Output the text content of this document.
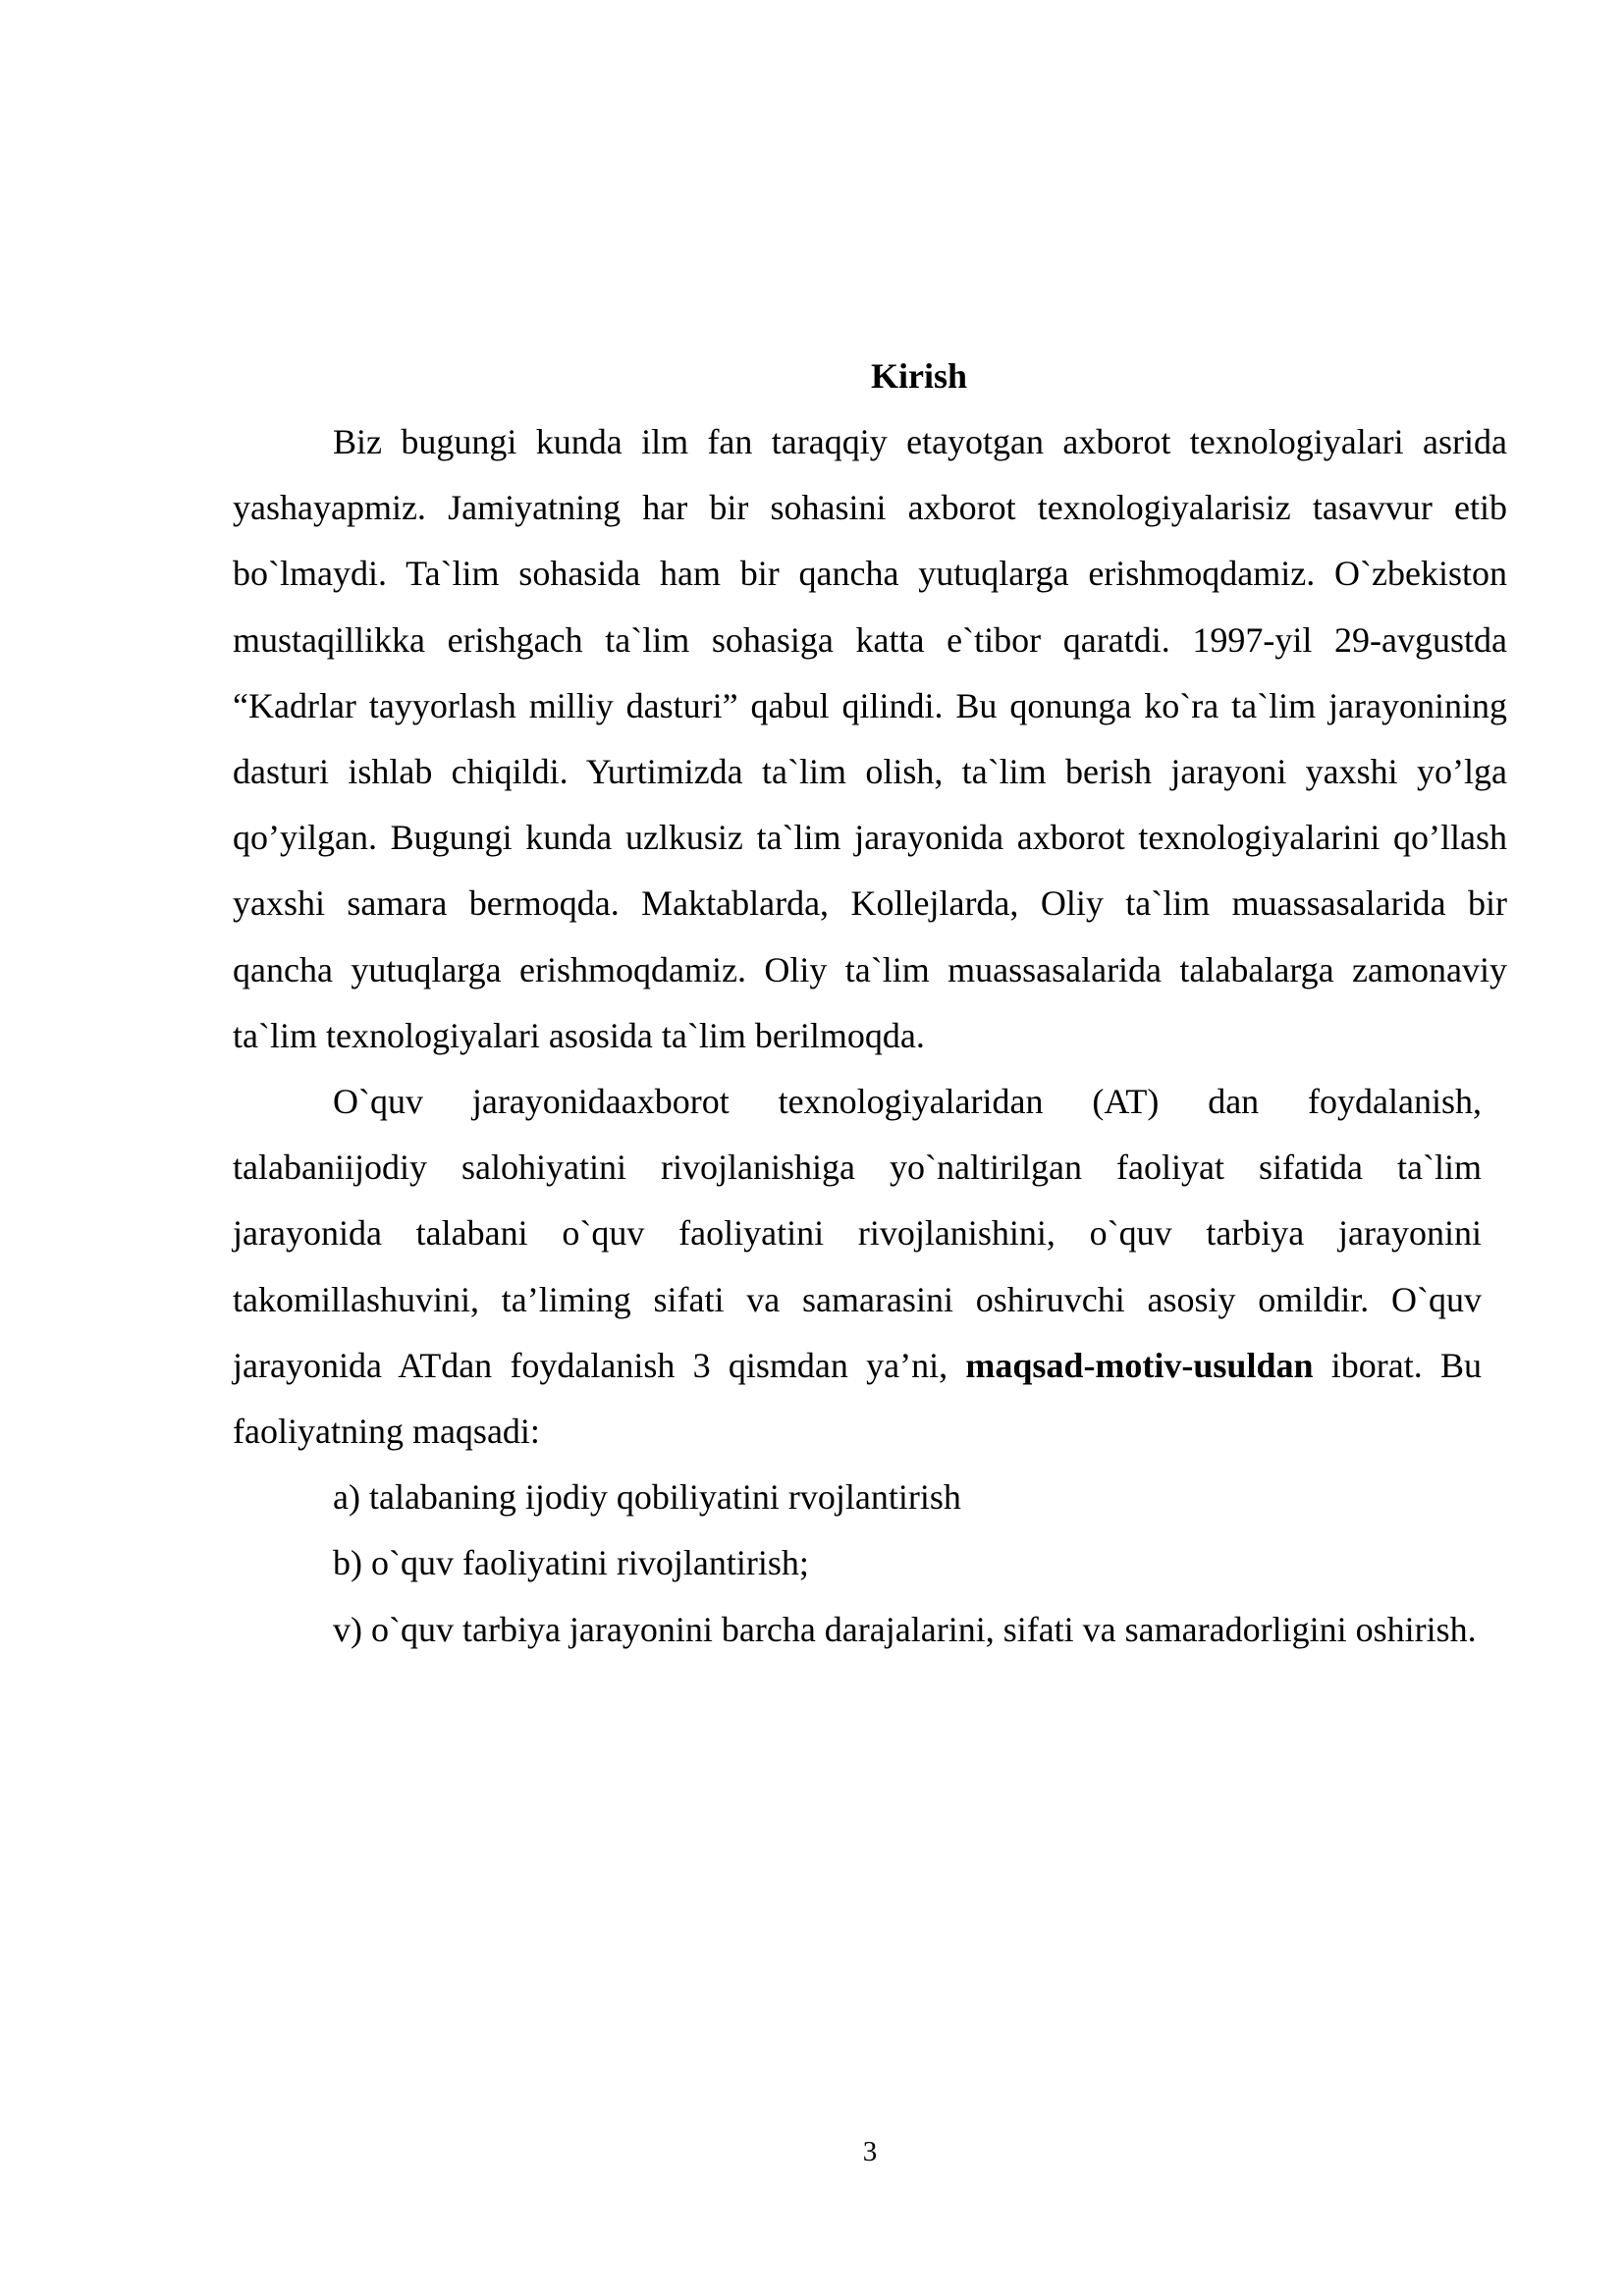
Kirish

Biz bugungi kunda ilm fan taraqqiy etayotgan axborot texnologiyalari asrida yashayapmiz. Jamiyatning har bir sohasini axborot texnologiyalarisiz tasavvur etib bo`lmaydi. Ta`lim sohasida ham bir qancha yutuqlarga erishmoqdamiz. O`zbekiston mustaqillikka erishgach ta`lim sohasiga katta e`tibor qaratdi. 1997-yil 29-avgustda “Kadrlar tayyorlash milliy dasturi” qabul qilindi. Bu qonunga ko`ra ta`lim jarayonining dasturi ishlab chiqildi. Yurtimizda ta`lim olish, ta`lim berish jarayoni yaxshi yo’lga qo’yilgan. Bugungi kunda uzlkusiz ta`lim jarayonida axborot texnologiyalarini qo’llash yaxshi samara bermoqda. Maktablarda, Kollejlarda, Oliy ta`lim muassasalarida bir qancha yutuqlarga erishmoqdamiz. Oliy ta`lim muassasalarida talabalarga zamonaviy ta`lim texnologiyalari asosida ta`lim berilmoqda.

O`quv jarayonidaaxborot texnologiyalaridan (AT) dan foydalanish, talabaniijodiy salohiyatini rivojlanishiga yo`naltirilgan faoliyat sifatida ta`lim jarayonida talabani o`quv faoliyatini rivojlanishini, o`quv tarbiya jarayonini takomillashuvini, ta’liming sifati va samarasini oshiruvchi asosiy omildir. O`quv jarayonida ATdan foydalanish 3 qismdan ya’ni, maqsad-motiv-usuldan iborat. Bu faoliyatning maqsadi:

a) talabaning ijodiy qobiliyatini rvojlantirish

b) o`quv faoliyatini rivojlantirish;

v) o`quv tarbiya jarayonini barcha darajalarini, sifati va samaradorligini oshirish.

3
